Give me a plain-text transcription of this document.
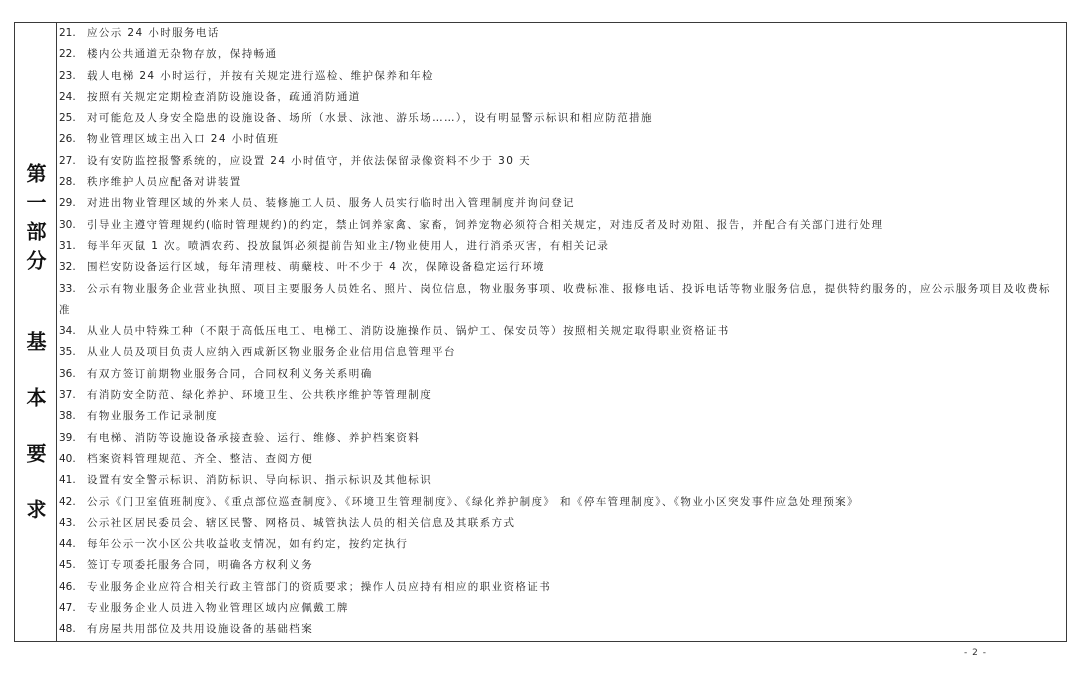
第一部分
基本要求
21. 应公示 24 小时服务电话
22. 楼内公共通道无杂物存放，保持畅通
23. 载人电梯 24 小时运行，并按有关规定进行巡检、维护保养和年检
24. 按照有关规定定期检查消防设施设备，疏通消防通道
25. 对可能危及人身安全隐患的设施设备、场所（水景、泳池、游乐场……），设有明显警示标识和相应防范措施
26. 物业管理区域主出入口 24 小时值班
27. 设有安防监控报警系统的，应设置 24 小时值守，并依法保留录像资料不少于 30 天
28. 秩序维护人员应配备对讲装置
29. 对进出物业管理区域的外来人员、装修施工人员、服务人员实行临时出入管理制度并询问登记
30. 引导业主遵守管理规约(临时管理规约)的约定，禁止饲养家禽、家畜，饲养宠物必须符合相关规定，对违反者及时劝阻、报告，并配合有关部门进行处理
31. 每半年灭鼠 1 次。喷洒农药、投放鼠饵必须提前告知业主/物业使用人，进行消杀灭害，有相关记录
32. 围栏安防设备运行区域，每年清理枝、萌蘖枝、叶不少于 4 次，保障设备稳定运行环境
33. 公示有物业服务企业营业执照、项目主要服务人员姓名、照片、岗位信息，物业服务事项、收费标准、报修电话、投诉电话等物业服务信息，提供特约服务的，应公示服务项目及收费标
准
34. 从业人员中特殊工种（不限于高低压电工、电梯工、消防设施操作员、锅炉工、保安员等）按照相关规定取得职业资格证书
35. 从业人员及项目负责人应纳入西咸新区物业服务企业信用信息管理平台
36. 有双方签订前期物业服务合同，合同权利义务关系明确
37. 有消防安全防范、绿化养护、环境卫生、公共秩序维护等管理制度
38. 有物业服务工作记录制度
39. 有电梯、消防等设施设备承接查验、运行、维修、养护档案资料
40. 档案资料管理规范、齐全、整洁、查阅方便
41. 设置有安全警示标识、消防标识、导向标识、指示标识及其他标识
42. 公示《门卫室值班制度》、《重点部位巡查制度》、《环境卫生管理制度》、《绿化养护制度》 和《停车管理制度》、《物业小区突发事件应急处理预案》
43. 公示社区居民委员会、辖区民警、网格员、城管执法人员的相关信息及其联系方式
44. 每年公示一次小区公共收益收支情况，如有约定，按约定执行
45. 签订专项委托服务合同，明确各方权利义务
46. 专业服务企业应符合相关行政主管部门的资质要求；操作人员应持有相应的职业资格证书
47. 专业服务企业人员进入物业管理区域内应佩戴工牌
48. 有房屋共用部位及共用设施设备的基础档案
- 2 -
